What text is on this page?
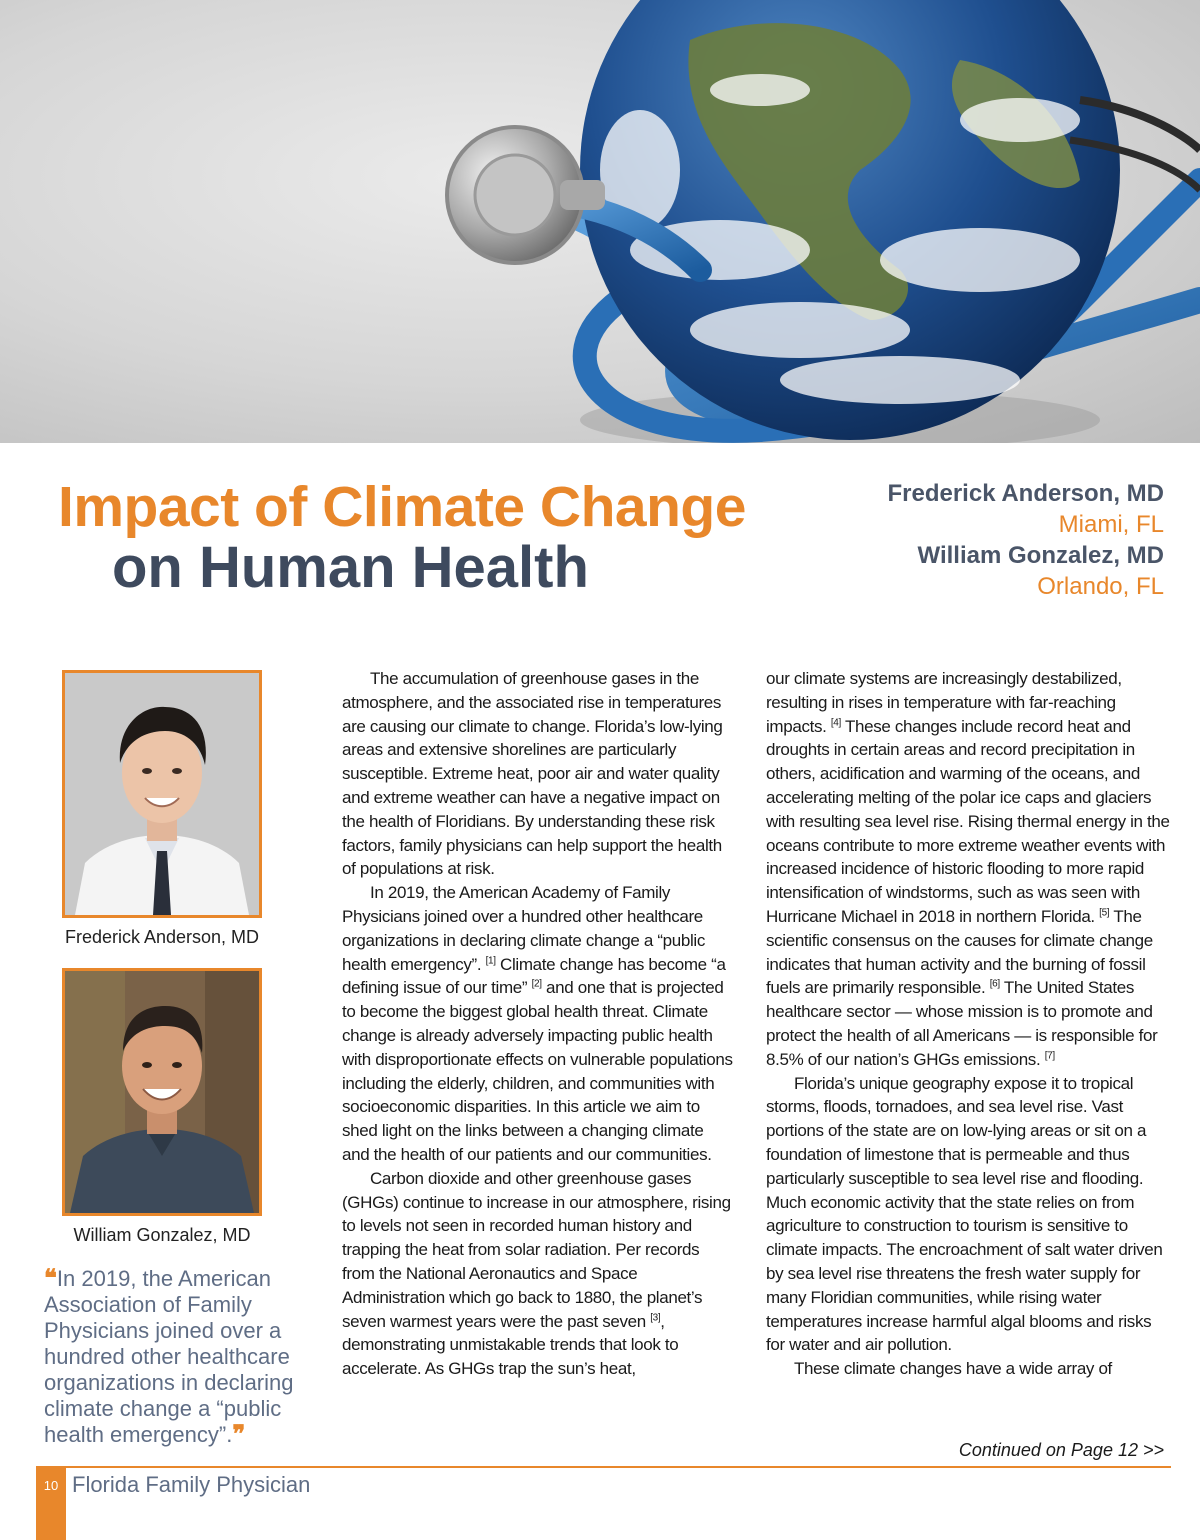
Impact of Climate Change
on Human Health
Frederick Anderson, MD
Miami, FL
William Gonzalez, MD
Orlando, FL
Frederick Anderson, MD
William Gonzalez, MD
❝In 2019, the American Association of Family Physicians joined over a hundred other healthcare organizations in declaring climate change a “public health emergency”.❞

The accumulation of greenhouse gases in the atmosphere, and the associated rise in temperatures are causing our climate to change. Florida’s low-lying areas and extensive shorelines are particularly susceptible. Extreme heat, poor air and water quality and extreme weather can have a negative impact on the health of Floridians. By understanding these risk factors, family physicians can help support the health of populations at risk.

In 2019, the American Academy of Family Physicians joined over a hundred other healthcare organizations in declaring climate change a “public health emergency”. [1] Climate change has become “a defining issue of our time” [2] and one that is projected to become the biggest global health threat. Climate change is already adversely impacting public health with disproportionate effects on vulnerable populations including the elderly, children, and communities with socioeconomic disparities. In this article we aim to shed light on the links between a changing climate and the health of our patients and our communities.

Carbon dioxide and other greenhouse gases (GHGs) continue to increase in our atmosphere, rising to levels not seen in recorded human history and trapping the heat from solar radiation. Per records from the National Aeronautics and Space Administration which go back to 1880, the planet’s seven warmest years were the past seven [3], demonstrating unmistakable trends that look to accelerate. As GHGs trap the sun’s heat,

our climate systems are increasingly destabilized, resulting in rises in temperature with far-reaching impacts. [4] These changes include record heat and droughts in certain areas and record precipitation in others, acidification and warming of the oceans, and accelerating melting of the polar ice caps and glaciers with resulting sea level rise. Rising thermal energy in the oceans contribute to more extreme weather events with increased incidence of historic flooding to more rapid intensification of windstorms, such as was seen with Hurricane Michael in 2018 in northern Florida. [5] The scientific consensus on the causes for climate change indicates that human activity and the burning of fossil fuels are primarily responsible. [6] The United States healthcare sector — whose mission is to promote and protect the health of all Americans — is responsible for 8.5% of our nation’s GHGs emissions. [7]

Florida’s unique geography expose it to tropical storms, floods, tornadoes, and sea level rise. Vast portions of the state are on low-lying areas or sit on a foundation of limestone that is permeable and thus particularly susceptible to sea level rise and flooding. Much economic activity that the state relies on from agriculture to construction to tourism is sensitive to climate impacts. The encroachment of salt water driven by sea level rise threatens the fresh water supply for many Floridian communities, while rising water temperatures increase harmful algal blooms and risks for water and air pollution.

These climate changes have a wide array of

Continued on Page 12 >>
10 Florida Family Physician
